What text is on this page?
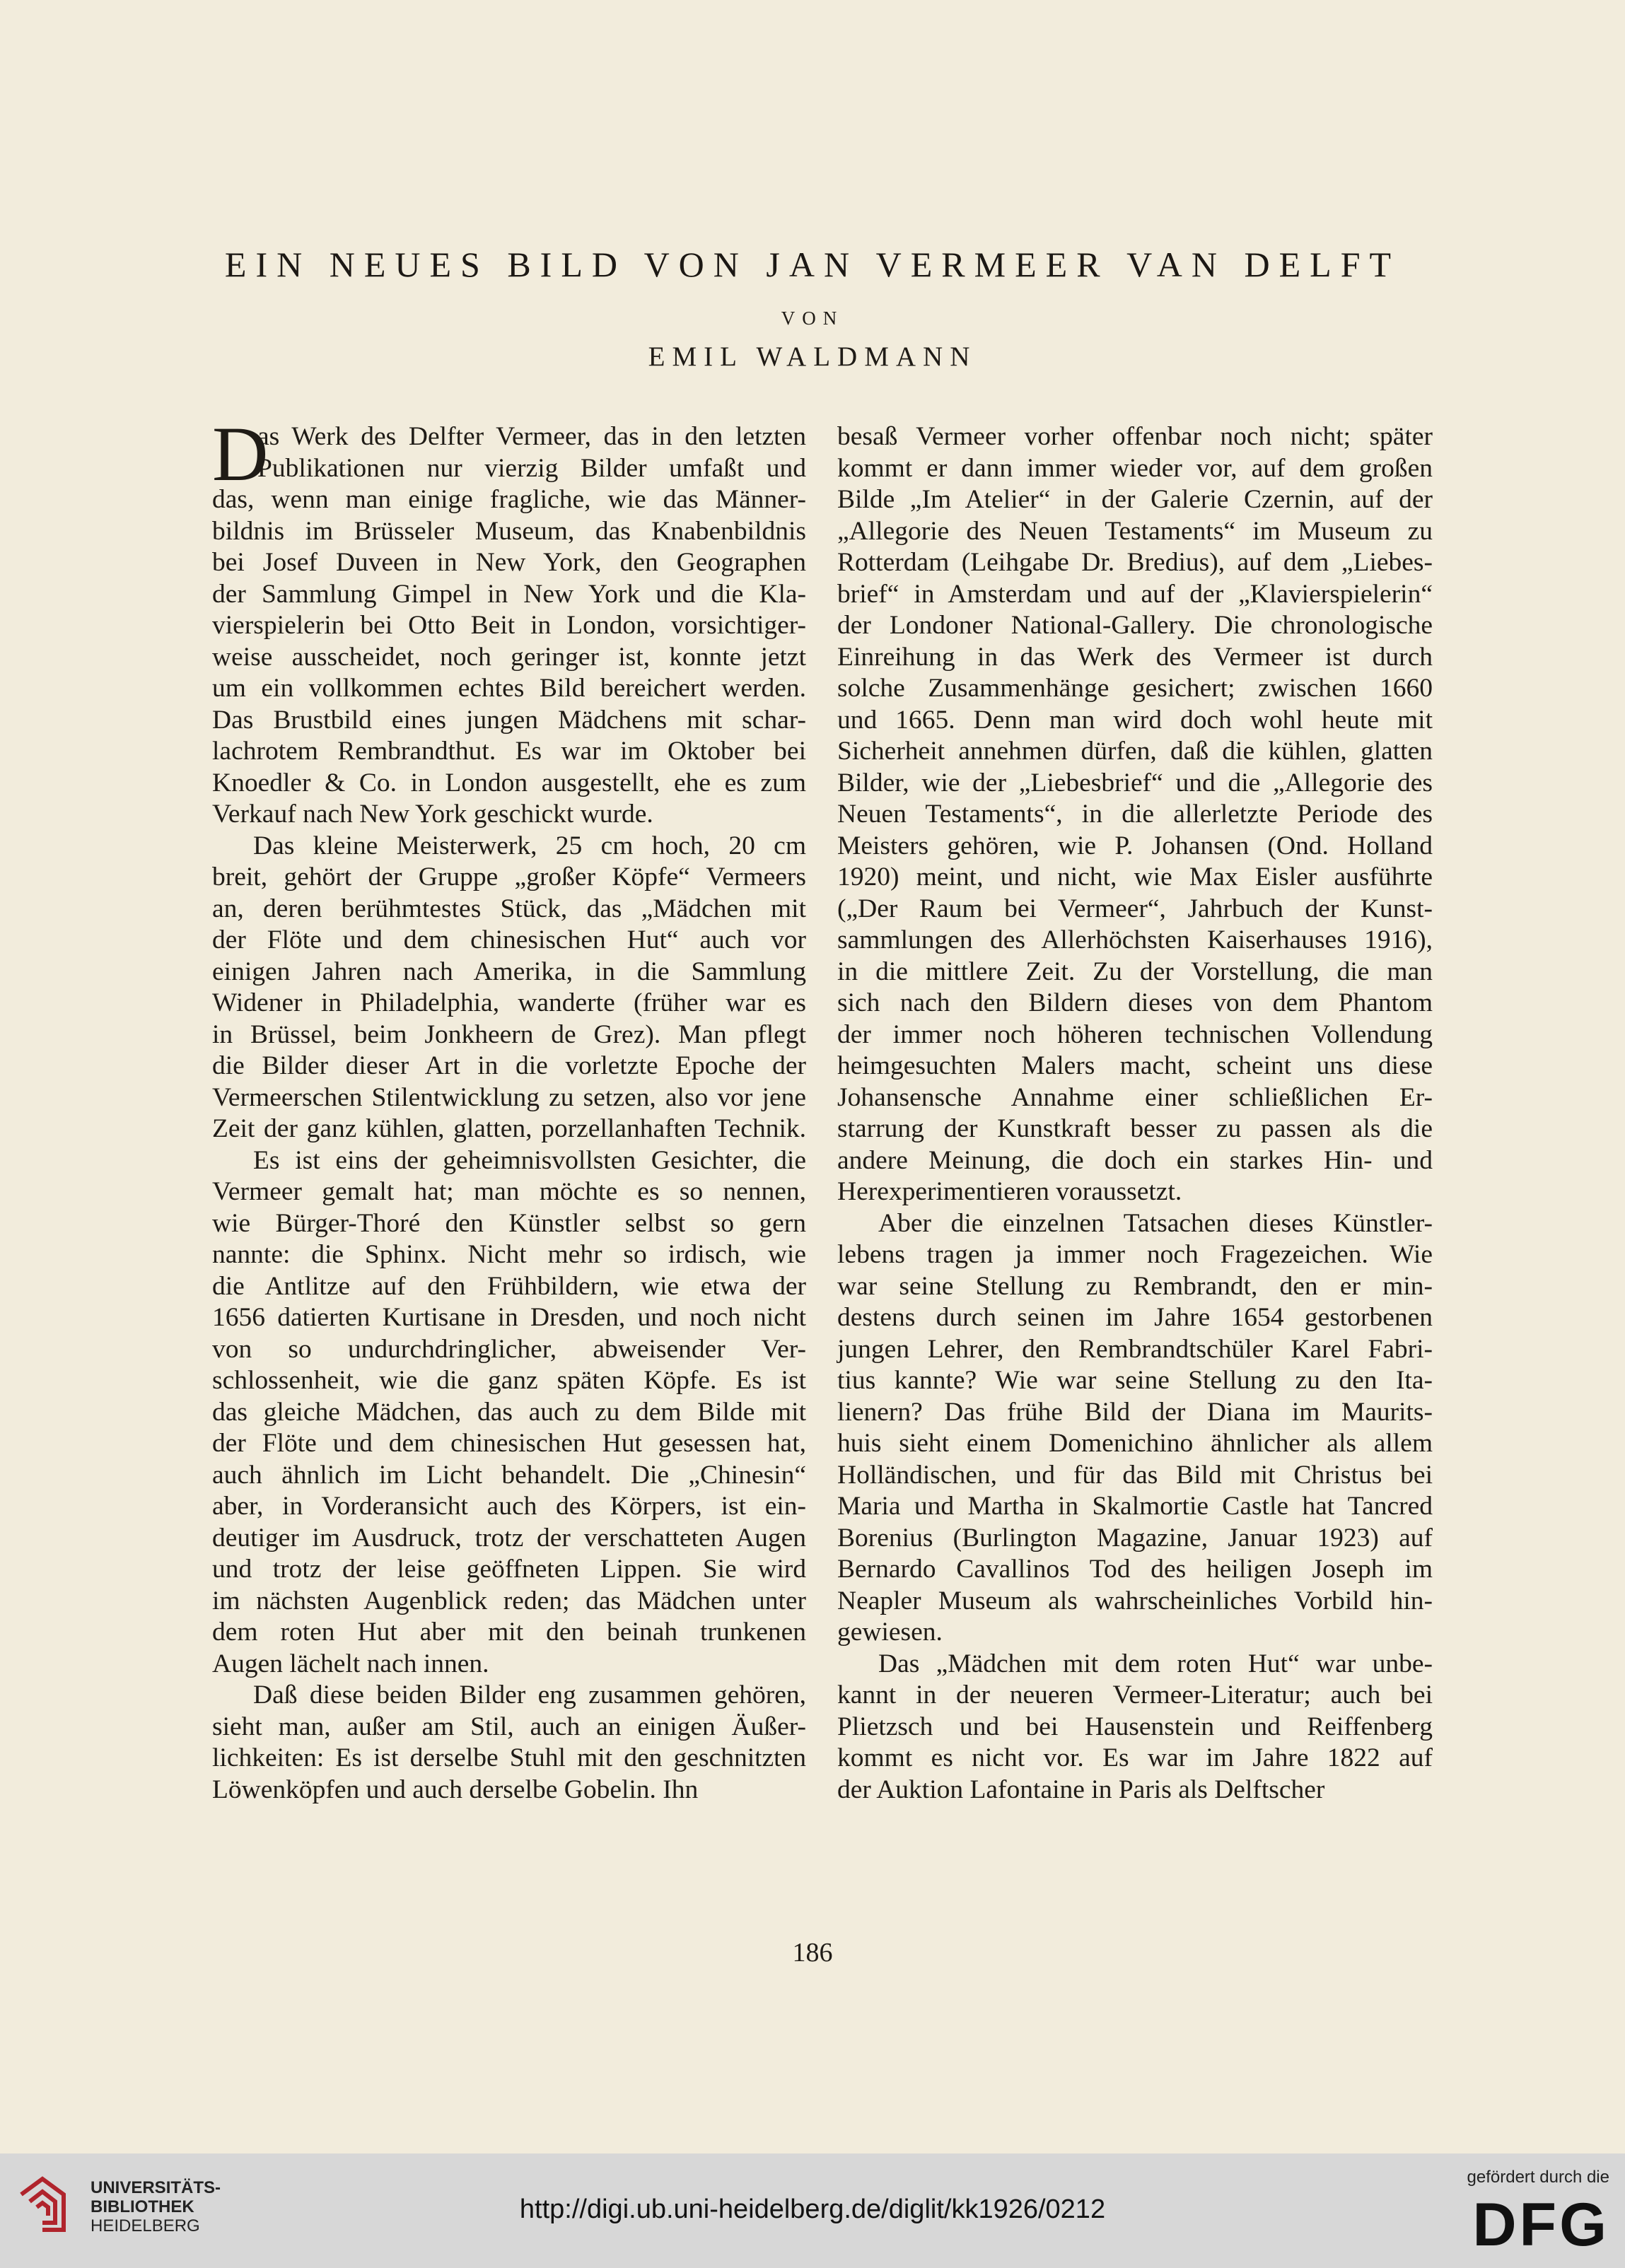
EIN NEUES BILD VON JAN VERMEER VAN DELFT
VON
EMIL WALDMANN
D
as Werk des Delfter Vermeer, das in den letzten
Publikationen nur vierzig Bilder umfaßt und
das, wenn man einige fragliche, wie das Männer-
bildnis im Brüsseler Museum, das Knabenbildnis
bei Josef Duveen in New York, den Geographen
der Sammlung Gimpel in New York und die Kla-
vierspielerin bei Otto Beit in London, vorsichtiger-
weise ausscheidet, noch geringer ist, konnte jetzt
um ein vollkommen echtes Bild bereichert werden.
Das Brustbild eines jungen Mädchens mit schar-
lachrotem Rembrandthut. Es war im Oktober bei
Knoedler & Co. in London ausgestellt, ehe es zum
Verkauf nach New York geschickt wurde.
Das kleine Meisterwerk, 25 cm hoch, 20 cm
breit, gehört der Gruppe „großer Köpfe“ Vermeers
an, deren berühmtestes Stück, das „Mädchen mit
der Flöte und dem chinesischen Hut“ auch vor
einigen Jahren nach Amerika, in die Sammlung
Widener in Philadelphia, wanderte (früher war es
in Brüssel, beim Jonkheern de Grez). Man pflegt
die Bilder dieser Art in die vorletzte Epoche der
Vermeerschen Stilentwicklung zu setzen, also vor jene
Zeit der ganz kühlen, glatten, porzellanhaften Technik.
Es ist eins der geheimnisvollsten Gesichter, die
Vermeer gemalt hat; man möchte es so nennen,
wie Bürger-Thoré den Künstler selbst so gern
nannte: die Sphinx. Nicht mehr so irdisch, wie
die Antlitze auf den Frühbildern, wie etwa der
1656 datierten Kurtisane in Dresden, und noch nicht
von so undurchdringlicher, abweisender Ver-
schlossenheit, wie die ganz späten Köpfe. Es ist
das gleiche Mädchen, das auch zu dem Bilde mit
der Flöte und dem chinesischen Hut gesessen hat,
auch ähnlich im Licht behandelt. Die „Chinesin“
aber, in Vorderansicht auch des Körpers, ist ein-
deutiger im Ausdruck, trotz der verschatteten Augen
und trotz der leise geöffneten Lippen. Sie wird
im nächsten Augenblick reden; das Mädchen unter
dem roten Hut aber mit den beinah trunkenen
Augen lächelt nach innen.
Daß diese beiden Bilder eng zusammen gehören,
sieht man, außer am Stil, auch an einigen Äußer-
lichkeiten: Es ist derselbe Stuhl mit den geschnitzten
Löwenköpfen und auch derselbe Gobelin. Ihn
besaß Vermeer vorher offenbar noch nicht; später
kommt er dann immer wieder vor, auf dem großen
Bilde „Im Atelier“ in der Galerie Czernin, auf der
„Allegorie des Neuen Testaments“ im Museum zu
Rotterdam (Leihgabe Dr. Bredius), auf dem „Liebes-
brief“ in Amsterdam und auf der „Klavierspielerin“
der Londoner National-Gallery. Die chronologische
Einreihung in das Werk des Vermeer ist durch
solche Zusammenhänge gesichert; zwischen 1660
und 1665. Denn man wird doch wohl heute mit
Sicherheit annehmen dürfen, daß die kühlen, glatten
Bilder, wie der „Liebesbrief“ und die „Allegorie des
Neuen Testaments“, in die allerletzte Periode des
Meisters gehören, wie P. Johansen (Ond. Holland
1920) meint, und nicht, wie Max Eisler ausführte
(„Der Raum bei Vermeer“, Jahrbuch der Kunst-
sammlungen des Allerhöchsten Kaiserhauses 1916),
in die mittlere Zeit. Zu der Vorstellung, die man
sich nach den Bildern dieses von dem Phantom
der immer noch höheren technischen Vollendung
heimgesuchten Malers macht, scheint uns diese
Johansensche Annahme einer schließlichen Er-
starrung der Kunstkraft besser zu passen als die
andere Meinung, die doch ein starkes Hin- und
Herexperimentieren voraussetzt.
Aber die einzelnen Tatsachen dieses Künstler-
lebens tragen ja immer noch Fragezeichen. Wie
war seine Stellung zu Rembrandt, den er min-
destens durch seinen im Jahre 1654 gestorbenen
jungen Lehrer, den Rembrandtschüler Karel Fabri-
tius kannte? Wie war seine Stellung zu den Ita-
lienern? Das frühe Bild der Diana im Maurits-
huis sieht einem Domenichino ähnlicher als allem
Holländischen, und für das Bild mit Christus bei
Maria und Martha in Skalmortie Castle hat Tancred
Borenius (Burlington Magazine, Januar 1923) auf
Bernardo Cavallinos Tod des heiligen Joseph im
Neapler Museum als wahrscheinliches Vorbild hin-
gewiesen.
Das „Mädchen mit dem roten Hut“ war unbe-
kannt in der neueren Vermeer-Literatur; auch bei
Plietzsch und bei Hausenstein und Reiffenberg
kommt es nicht vor. Es war im Jahre 1822 auf
der Auktion Lafontaine in Paris als Delftscher
186
UNIVERSITÄTS-
BIBLIOTHEK
HEIDELBERG
http://digi.ub.uni-heidelberg.de/diglit/kk1926/0212
gefördert durch die
DFG
